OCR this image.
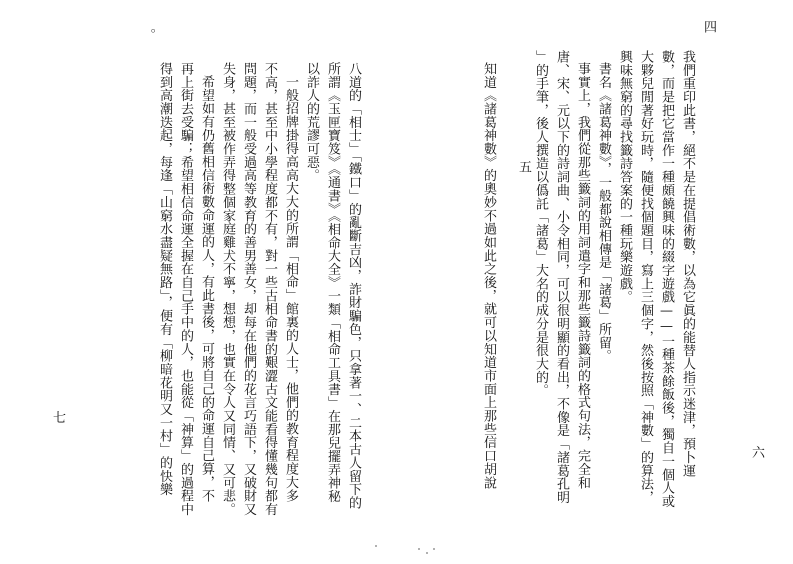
四
我們重印此書，絕不是在提倡術數，以為它眞的能替人指示迷津，預卜運
數，而是把它當作一種頗饒興味的綴字遊戲——一種茶餘飯後，獨自一個人或
大夥兒閒著好玩時，隨便找個題目，寫上三個字，然後按照「神數」的算法，
興味無窮的尋找籤詩答案的一種玩樂遊戲。
書名《諸葛神數》，一般都說相傳是「諸葛」所留。
事實上，我們從那些籤詞的用詞遣字和那些籤詩籤詞的格式句法，完全和
唐、宋、元以下的詩詞曲、小令相同，可以很明顯的看出，不像是「諸葛孔明
」的手筆，後人撰造以僞託「諸葛」大名的成分是很大的。
五
知道《諸葛神數》的奧妙不過如此之後，就可以知道市面上那些信口胡說	六
八道的「相士」「鐵口」的亂斷吉凶，詐財騙色，只拿著一、二本古人留下的
所謂《玉匣寶笈》《通書》《相命大全》一類「相命工具書」在那兒擺弄神秘
以詐人的荒謬可惡。
一般招牌掛得高高大大的所謂「相命」館裏的人士，他們的教育程度大多
不高，甚至中小學程度都不有，對一些古相命書的艱澀古文能看得懂幾句都有
問題，而一般受過高等教育的善男善女，却每在他們的花言巧語下，又破財又
失身，甚至被作弄得整個家庭雞犬不寧，想想，也實在令人又同情、又可悲。
希望如有仍舊相信術數命運的人，有此書後，可將自己的命運自己算，不
再上街去受騙；希望相信命運全握在自己手中的人，也能從「神算」的過程中
得到高潮迭起，每逢「山窮水盡疑無路」，便有「柳暗花明又一村」的快樂
。
七
